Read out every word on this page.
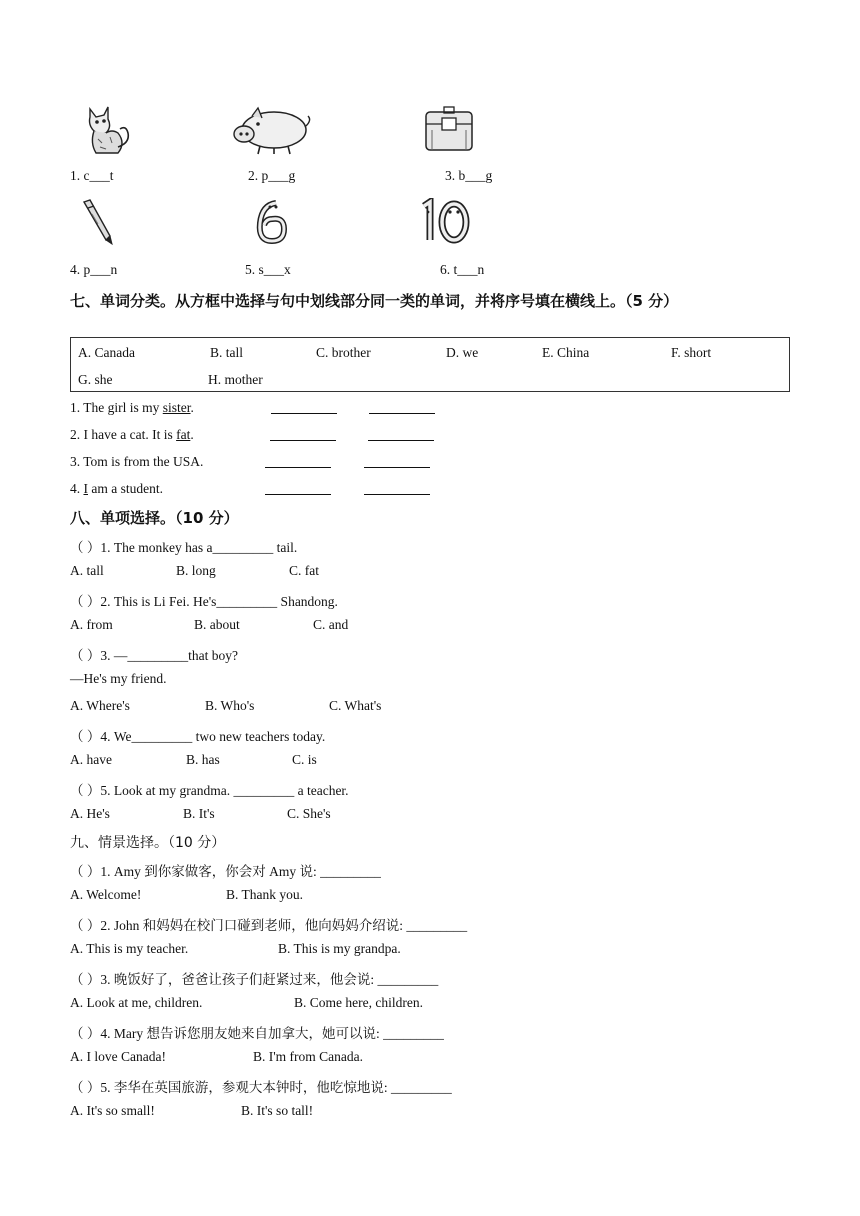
1. c___t	2. p___g	3. b___g
4. p___n	5. s___x	6. t___n
七、单词分类。从方框中选择与句中划线部分同一类的单词，并将序号填在横线上。（5 分）
A. Canada	B. tall	C. brother	D. we	E. China	F. short
G. she	H. mother
1. The girl is my sister.
2. I have a cat. It is fat.
3. Tom is from the USA.
4. I am a student.
八、单项选择。（10 分）
（ ）1. The monkey has a_________ tail.
A. tall	B. long	C. fat
（ ）2. This is Li Fei. He's_________ Shandong.
A. from	B. about	C. and
（ ）3. —_________that boy?
—He's my friend.
A. Where's	B. Who's	C. What's
（ ）4. We_________ two new teachers today.
A. have	B. has	C. is
（ ）5. Look at my grandma. _________ a teacher.
A. He's	B. It's	C. She's
九、情景选择。（10 分）
（ ）1. Amy 到你家做客，你会对 Amy 说: _________
A. Welcome!	B. Thank you.
（ ）2. John 和妈妈在校门口碰到老师，他向妈妈介绍说: _________
A. This is my teacher.	B. This is my grandpa.
（ ）3. 晚饭好了，爸爸让孩子们赶紧过来，他会说: _________
A. Look at me, children.	B. Come here, children.
（ ）4. Mary 想告诉您朋友她来自加拿大，她可以说: _________
A. I love Canada!	B. I'm from Canada.
（ ）5. 李华在英国旅游，参观大本钟时，他吃惊地说: _________
A. It's so small!	B. It's so tall!
